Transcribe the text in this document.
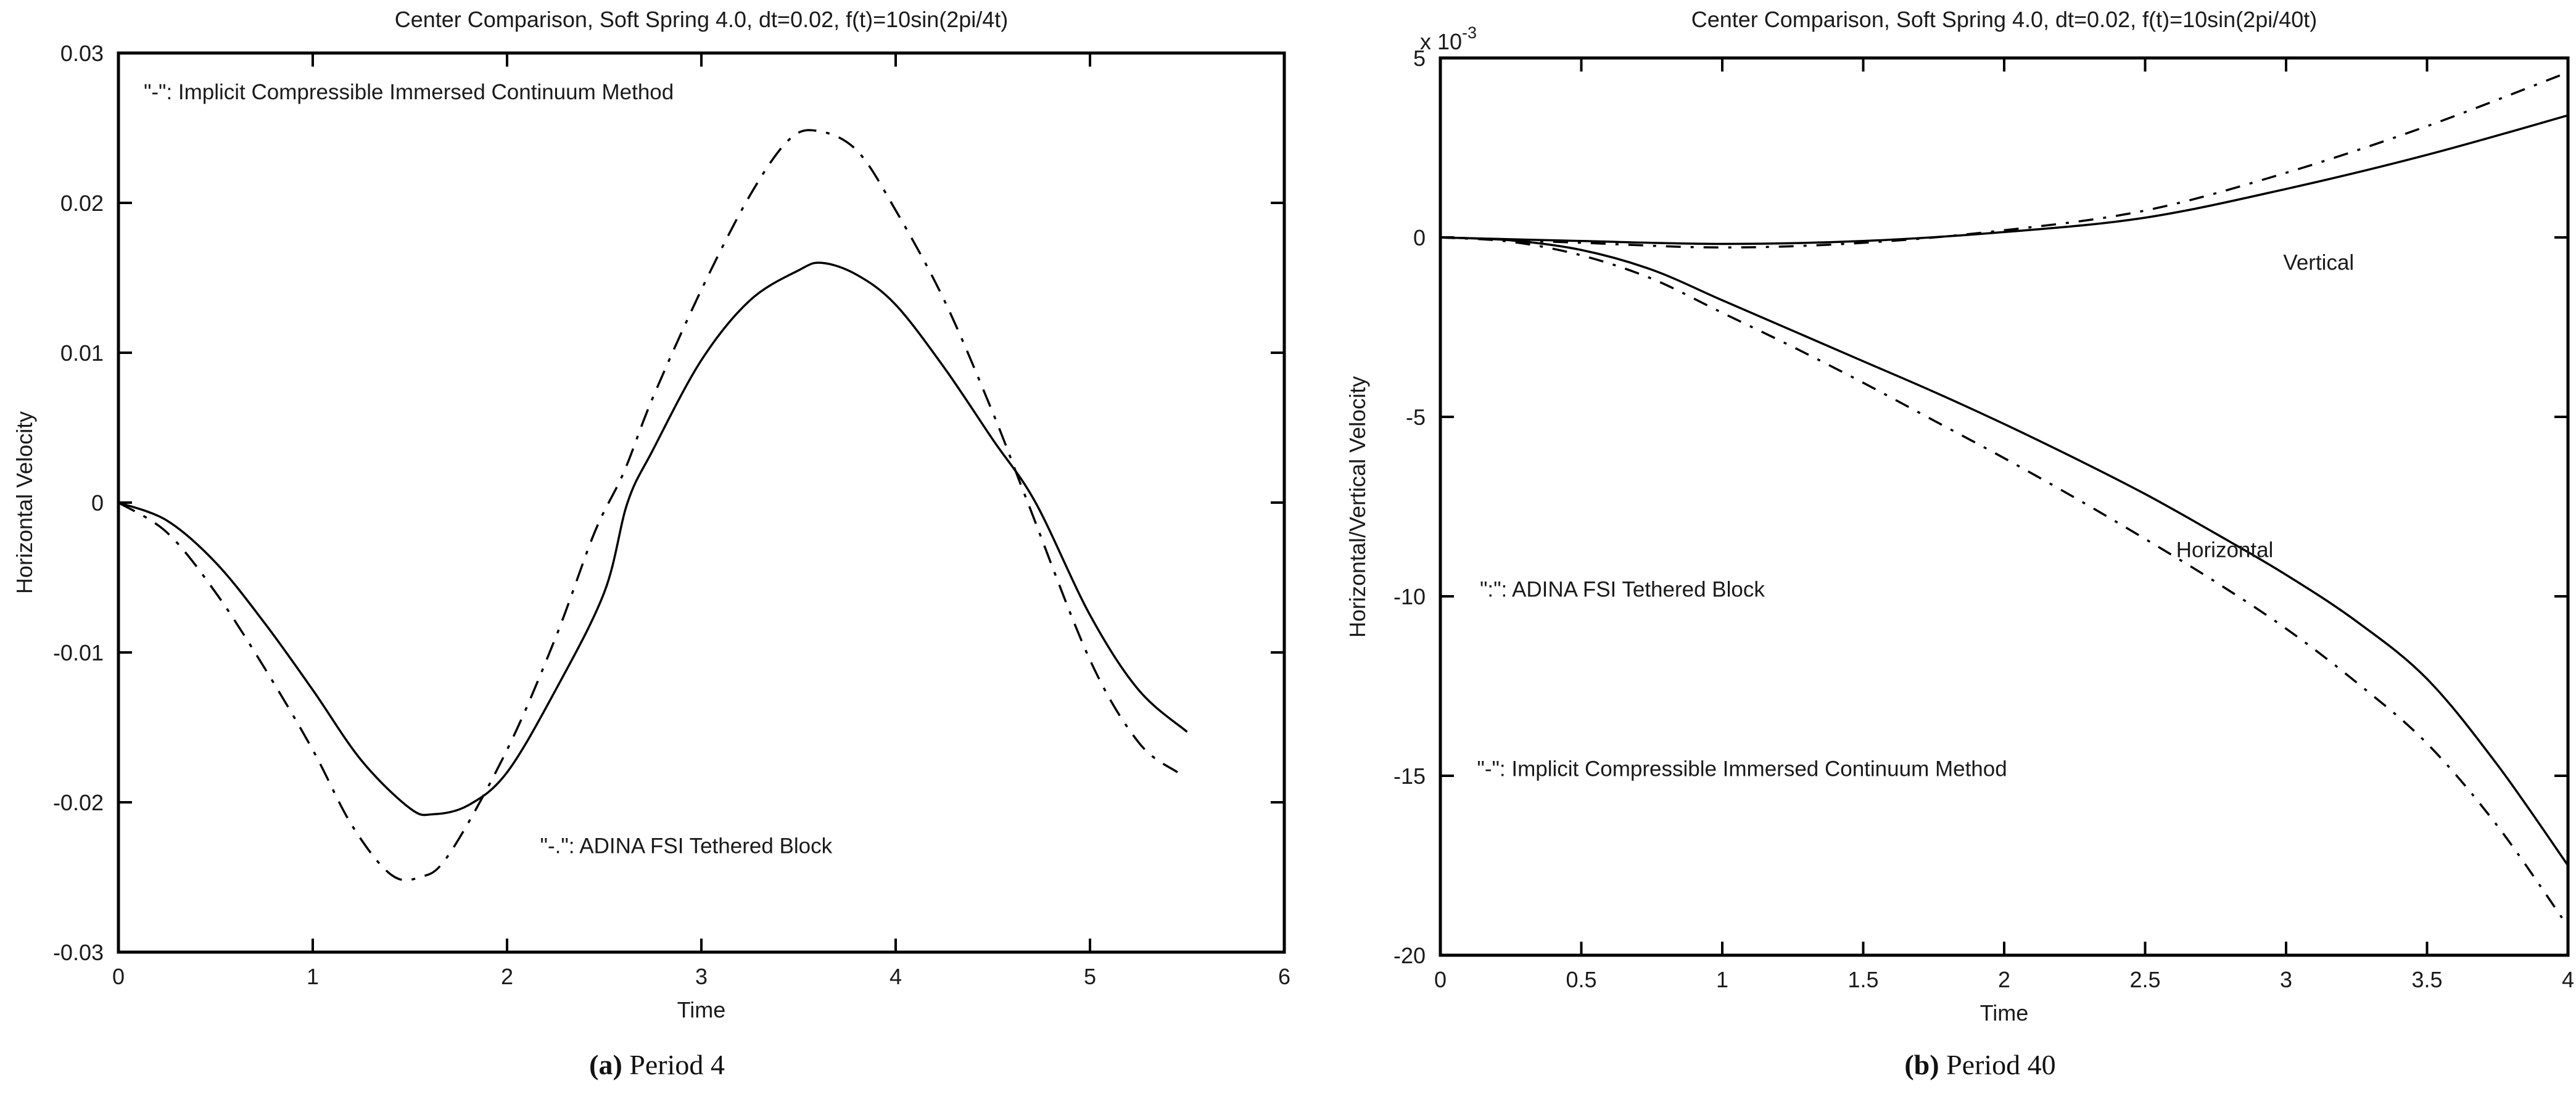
0	1	2	3	4	5	6
-0.03
-0.02
-0.01
0
0.01
0.02
0.03
"-": Implicit Compressible Immersed Continuum Method
"-.": ADINA FSI Tethered Block
0	0.5	1	1.5	2	2.5	3	3.5	4
5
0
-5
-10
-15
-20
":": ADINA FSI Tethered Block
"-": Implicit Compressible Immersed Continuum Method
Vertical
Horizontal
Center Comparison, Soft Spring 4.0, dt=0.02, f(t)=10sin(2pi/4t)	Center Comparison, Soft Spring 4.0, dt=0.02, f(t)=10sin(2pi/40t)
Time	Time
Horizontal Velocity	Horizontal/Vertical Velocity
x $10^{-3}$
(a) Period 4	(b) Period 40
